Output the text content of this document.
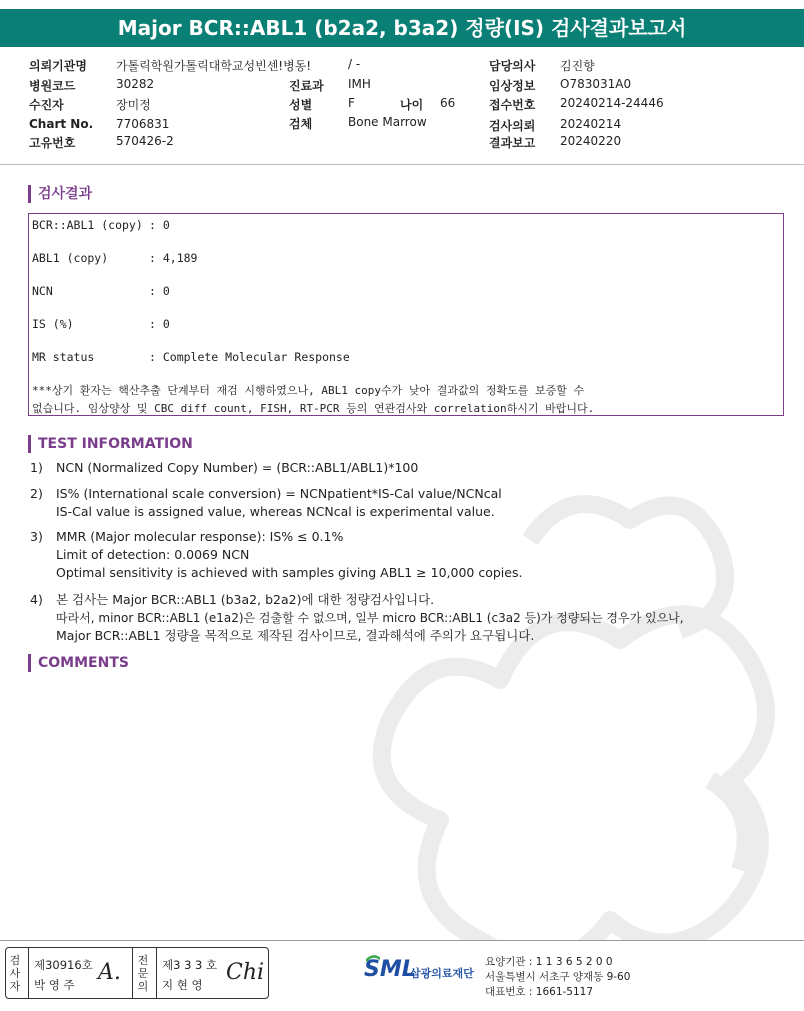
Major BCR::ABL1 (b2a2, b3a2) 정량(IS) 검사결과보고서
의뢰기관명 가톨릭학원가톨릭대학교성빈센!병동!	/ -
병원코드	30282
수진자	장미정
Chart No. 7706831
고유번호	570426-2
진료과 IMH
성별	F	나이 66
검체	Bone Marrow
담당의사 김진향
임상정보 O783031A0
접수번호 20240214-24446
검사의뢰 20240214
결과보고 20240220
검사결과
BCR::ABL1 (copy) : 0
ABL1 (copy)	: 4,189
NCN	: 0
IS (%)	: 0
MR status	: Complete Molecular Response
***상기 환자는 핵산추출 단계부터 재검 시행하였으나, ABL1 copy수가 낮아 결과값의 정확도를 보증할 수
없습니다. 임상양상 및 CBC diff count, FISH, RT-PCR 등의 연관검사와 correlation하시기 바랍니다.
TEST INFORMATION
1) NCN (Normalized Copy Number) = (BCR::ABL1/ABL1)*100
2) IS% (International scale conversion) = NCNpatient*IS-Cal value/NCNcal
IS-Cal value is assigned value, whereas NCNcal is experimental value.
3) MMR (Major molecular response): IS% ≤ 0.1%
Limit of detection: 0.0069 NCN
Optimal sensitivity is achieved with samples giving ABL1 ≥ 10,000 copies.
4) 본 검사는 Major BCR::ABL1 (b3a2, b2a2)에 대한 정량검사입니다.
따라서, minor BCR::ABL1 (e1a2)은 검출할 수 없으며, 일부 micro BCR::ABL1 (c3a2 등)가 정량되는 경우가 있으나,
Major BCR::ABL1 정량을 목적으로 제작된 검사이므로, 결과해석에 주의가 요구됩니다.
COMMENTS
검
사
자
제30916호
박 영 주 A. 전
문
의
제3 3 3 호
지 현 영 Chi	SML
삼광의료재단
요양기관 : 1 1 3 6 5 2 0 0
서울특별시 서초구 양재동 9-60
대표번호 : 1661-5117
